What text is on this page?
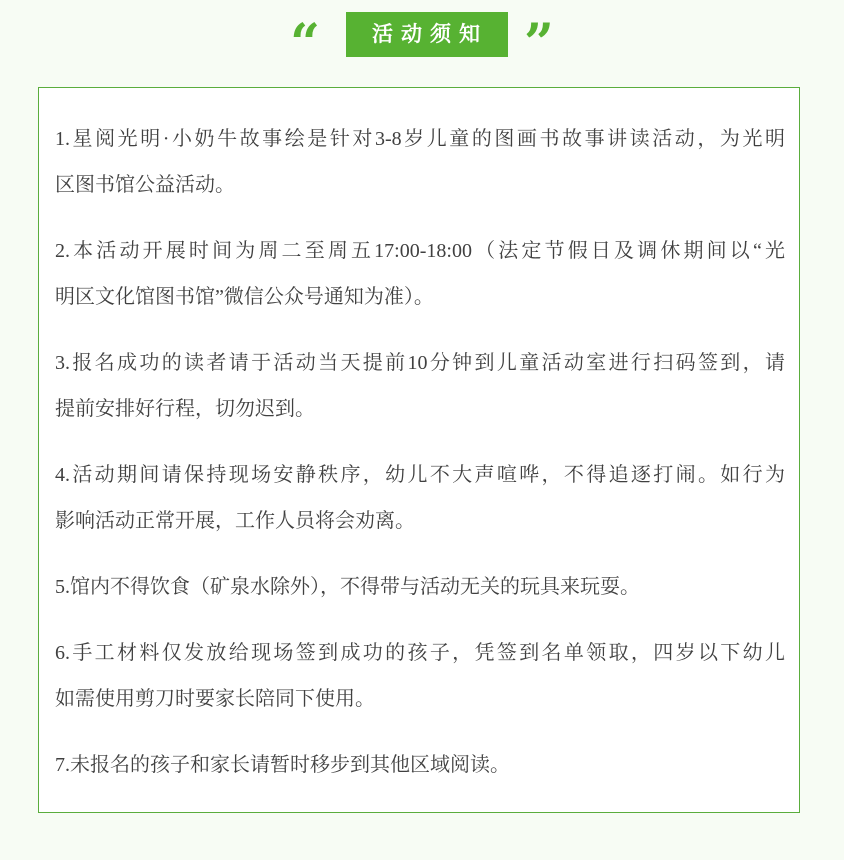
“	活动须知 ”
1.星阅光明·小奶牛故事绘是针对3-8岁儿童的图画书故事讲读活动，为光明
区图书馆公益活动。
2.本活动开展时间为周二至周五17:00-18:00（法定节假日及调休期间以“光
明区文化馆图书馆”微信公众号通知为准）。
3.报名成功的读者请于活动当天提前10分钟到儿童活动室进行扫码签到，请
提前安排好行程，切勿迟到。
4.活动期间请保持现场安静秩序，幼儿不大声喧哗，不得追逐打闹。如行为
影响活动正常开展，工作人员将会劝离。
5.馆内不得饮食（矿泉水除外），不得带与活动无关的玩具来玩耍。
6.手工材料仅发放给现场签到成功的孩子，凭签到名单领取，四岁以下幼儿
如需使用剪刀时要家长陪同下使用。
7.未报名的孩子和家长请暂时移步到其他区域阅读。
